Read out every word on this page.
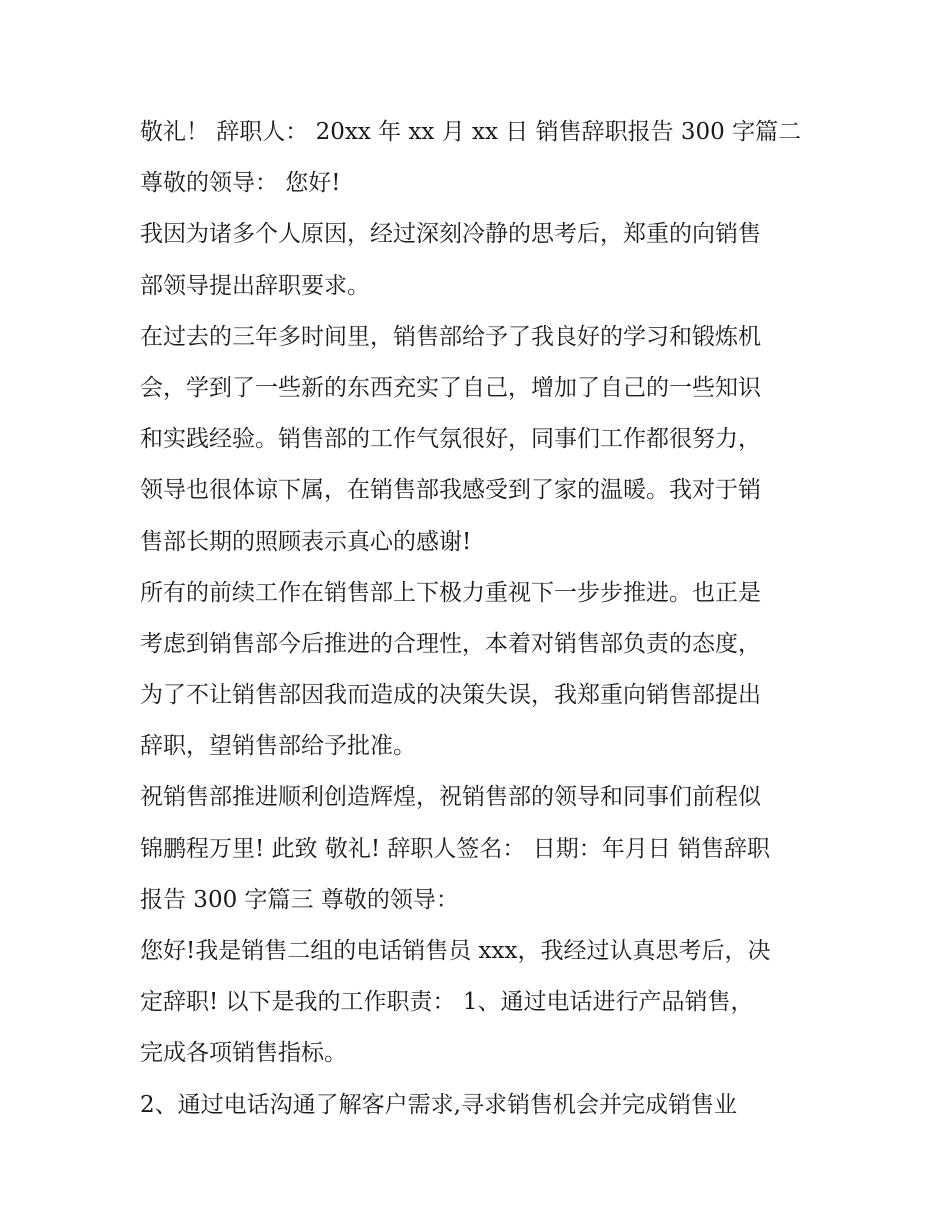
敬礼！ 辞职人： 20xx 年 xx 月 xx 日 销售辞职报告 300 字篇二
尊敬的领导： 您好!
我因为诸多个人原因，经过深刻冷静的思考后，郑重的向销售
部领导提出辞职要求。
在过去的三年多时间里，销售部给予了我良好的学习和锻炼机
会，学到了一些新的东西充实了自己，增加了自己的一些知识
和实践经验。销售部的工作气氛很好，同事们工作都很努力，
领导也很体谅下属，在销售部我感受到了家的温暖。我对于销
售部长期的照顾表示真心的感谢!
所有的前续工作在销售部上下极力重视下一步步推进。也正是
考虑到销售部今后推进的合理性，本着对销售部负责的态度，
为了不让销售部因我而造成的决策失误，我郑重向销售部提出
辞职，望销售部给予批准。
祝销售部推进顺利创造辉煌，祝销售部的领导和同事们前程似
锦鹏程万里! 此致 敬礼! 辞职人签名： 日期：年月日 销售辞职
报告 300 字篇三 尊敬的领导：
您好!我是销售二组的电话销售员 xxx，我经过认真思考后，决
定辞职! 以下是我的工作职责： 1、通过电话进行产品销售，
完成各项销售指标。
2、通过电话沟通了解客户需求,寻求销售机会并完成销售业
